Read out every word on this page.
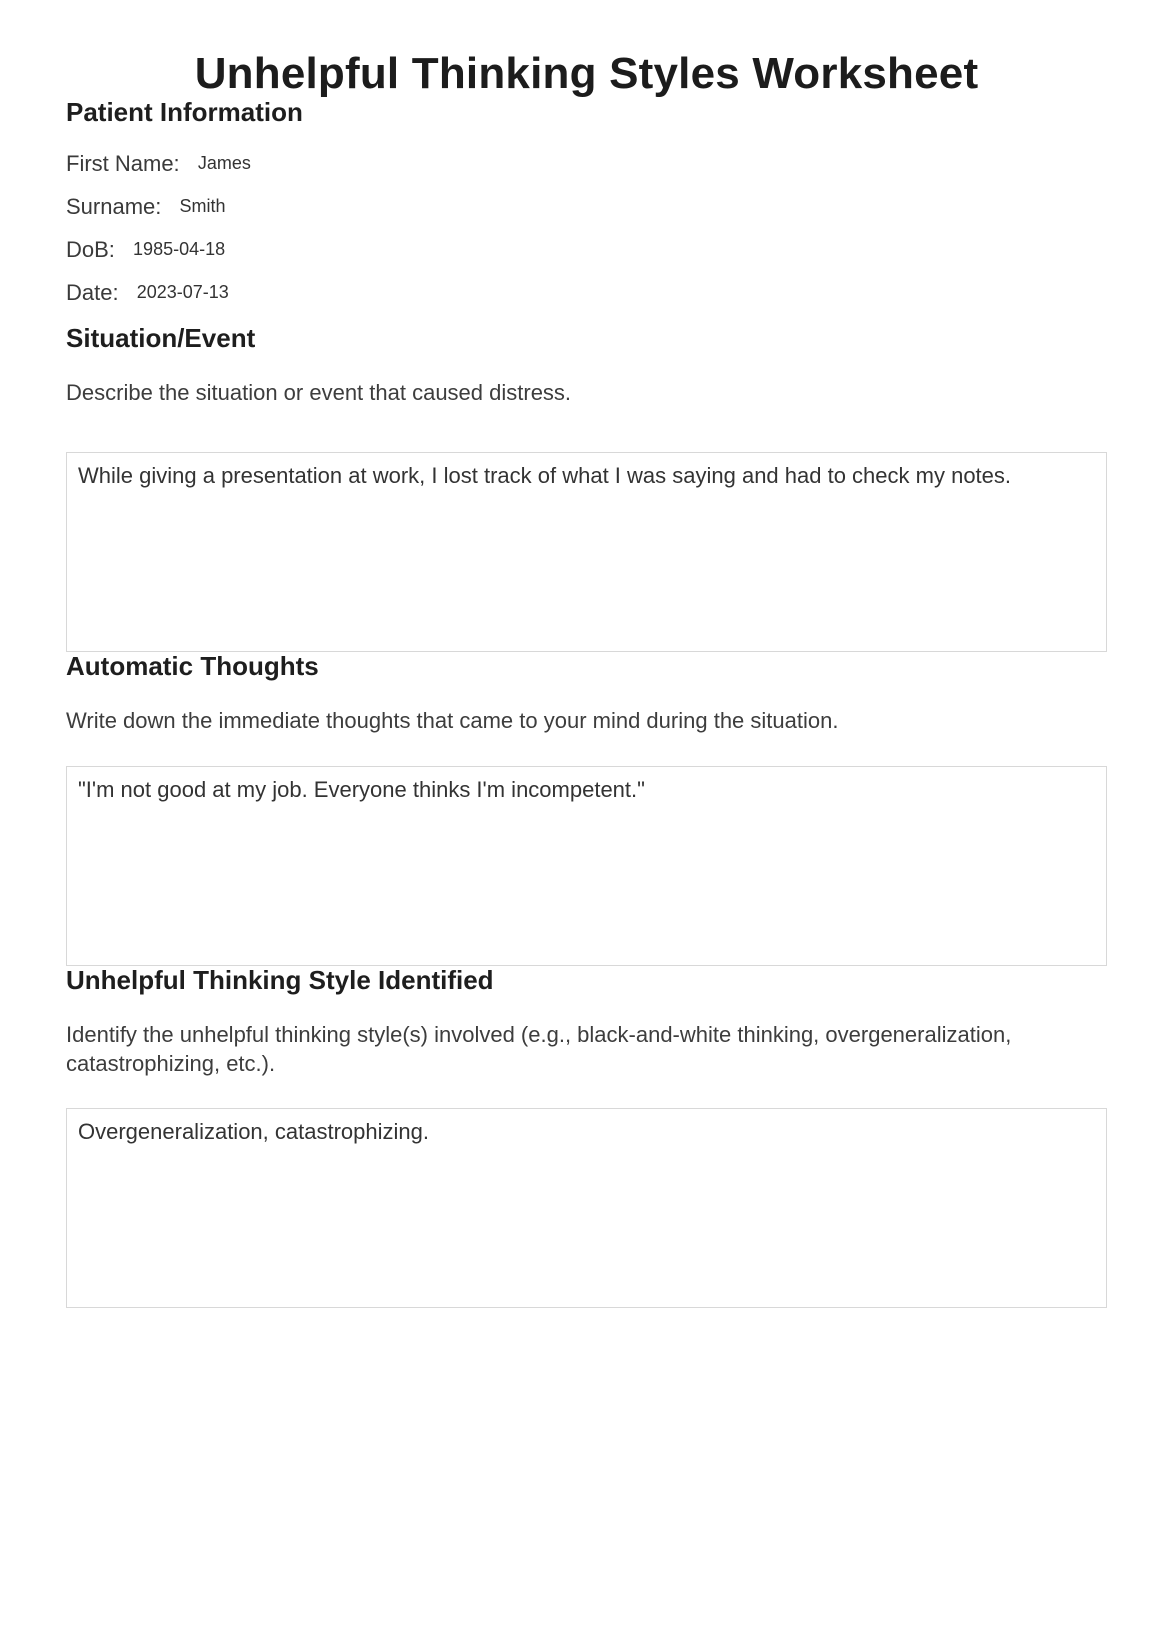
Unhelpful Thinking Styles Worksheet
Patient Information
First Name: James
Surname: Smith
DoB: 1985-04-18
Date: 2023-07-13
Situation/Event

Describe the situation or event that caused distress.

While giving a presentation at work, I lost track of what I was saying and had to check my notes.
Automatic Thoughts

Write down the immediate thoughts that came to your mind during the situation.

"I'm not good at my job. Everyone thinks I'm incompetent."
Unhelpful Thinking Style Identified

Identify the unhelpful thinking style(s) involved (e.g., black-and-white thinking, overgeneralization, catastrophizing, etc.).

Overgeneralization, catastrophizing.
